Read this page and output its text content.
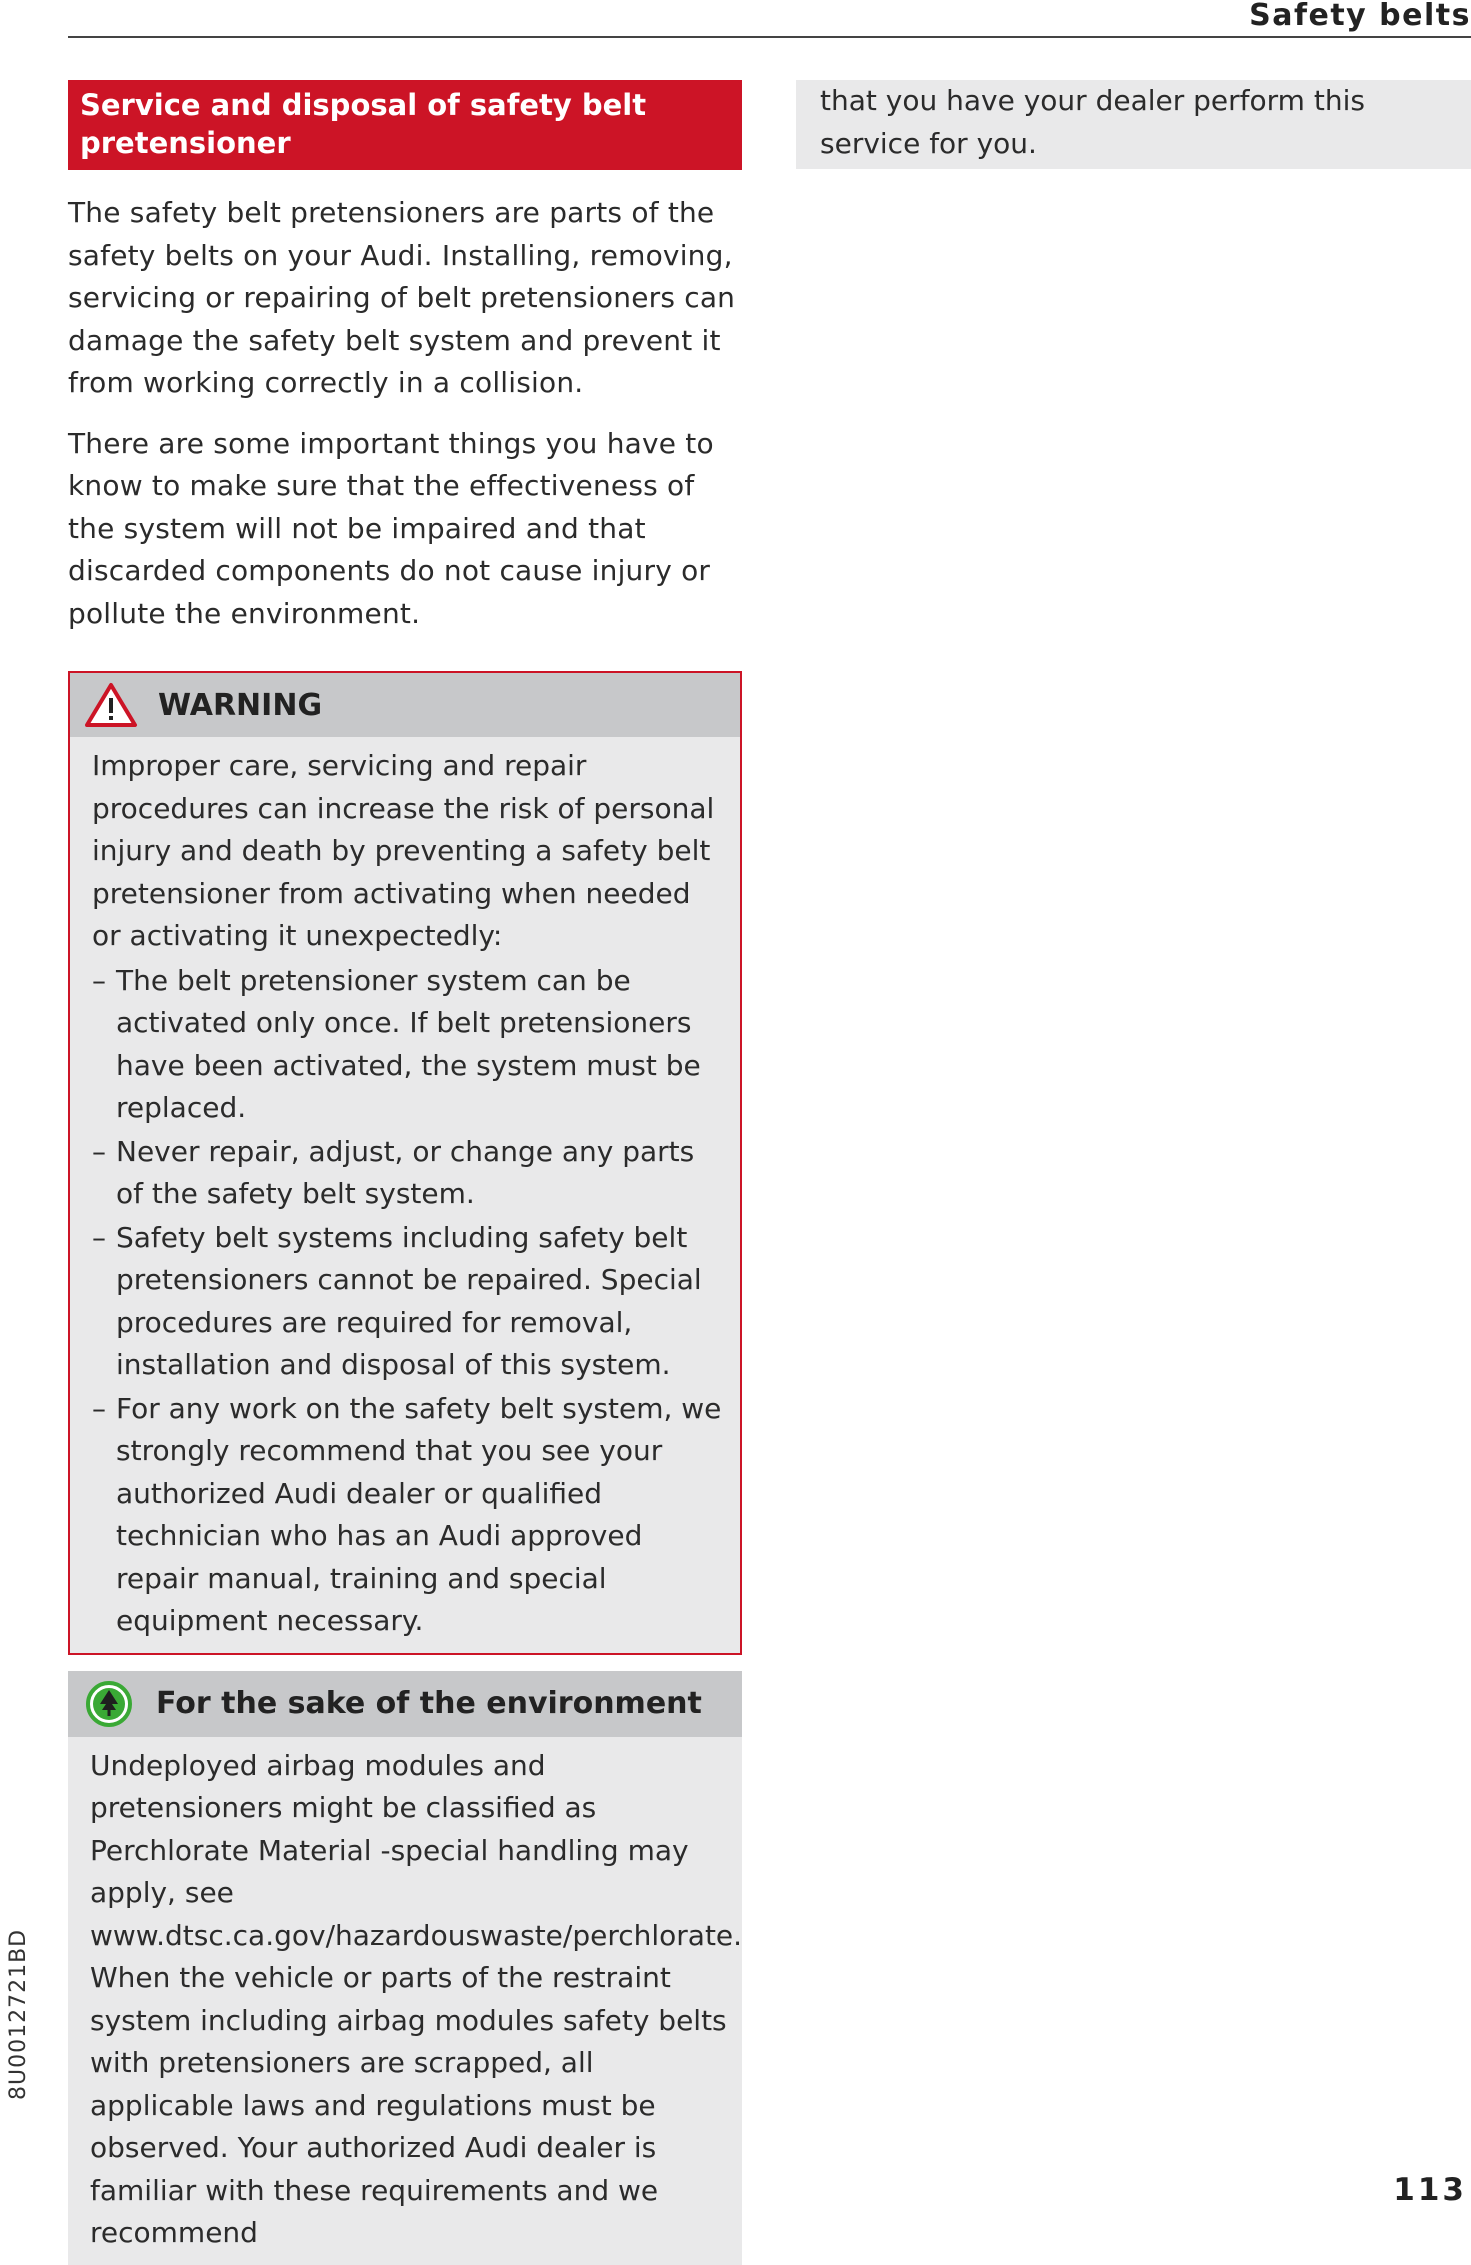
Safety belts
Service and disposal of safety belt pretensioner

The safety belt pretensioners are parts of the safety belts on your Audi. Installing, removing, servicing or repairing of belt pretensioners can damage the safety belt system and prevent it from working correctly in a collision.

There are some important things you have to know to make sure that the effectiveness of the system will not be impaired and that discarded components do not cause injury or pollute the environment.

WARNING

Improper care, servicing and repair procedures can increase the risk of personal injury and death by preventing a safety belt pretensioner from activating when needed or activating it unexpectedly:

– The belt pretensioner system can be activated only once. If belt pretensioners have been activated, the system must be replaced.
– Never repair, adjust, or change any parts of the safety belt system.
– Safety belt systems including safety belt pretensioners cannot be repaired. Special procedures are required for removal, installation and disposal of this system.
– For any work on the safety belt system, we strongly recommend that you see your authorized Audi dealer or qualified technician who has an Audi approved repair manual, training and special equipment necessary.
For the sake of the environment

Undeployed airbag modules and pretensioners might be classified as Perchlorate Material -special handling may apply, see www.dtsc.ca.gov/hazardouswaste/perchlorate. When the vehicle or parts of the restraint system including airbag modules safety belts with pretensioners are scrapped, all applicable laws and regulations must be observed. Your authorized Audi dealer is familiar with these requirements and we recommend

that you have your dealer perform this service for you.
8U0012721BD
113
